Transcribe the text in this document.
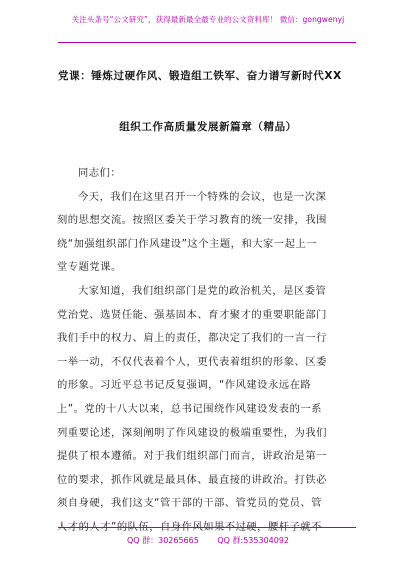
关注头条号“公文研究”，获得最新最全最专业的公文资料库！ 微信：gongwenyj
党课：锤炼过硬作风、锻造组工铁军、奋力谱写新时代XX
组织工作高质量发展新篇章（精品）
同志们：
今天，我们在这里召开一个特殊的会议，也是一次深
刻的思想交流。按照区委关于学习教育的统一安排，我围
绕“加强组织部门作风建设”这个主题，和大家一起上一
堂专题党课。
大家知道，我们组织部门是党的政治机关，是区委管
党治党、选贤任能、强基固本、育才聚才的重要职能部门
我们手中的权力、肩上的责任，都决定了我们的一言一行
一举一动，不仅代表着个人，更代表着组织的形象、区委
的形象。习近平总书记反复强调，“作风建设永远在路
上”。党的十八大以来，总书记围绕作风建设发表的一系
列重要论述，深刻阐明了作风建设的极端重要性，为我们
提供了根本遵循。对于我们组织部门而言，讲政治是第一
位的要求，抓作风就是最具体、最直接的讲政治。打铁必
须自身硬，我们这支“管干部的干部、管党员的党员、管
人才的人才”的队伍，自身作风如果不过硬，腰杆子就不
QQ 群：30265665 QQ 群:535304092
